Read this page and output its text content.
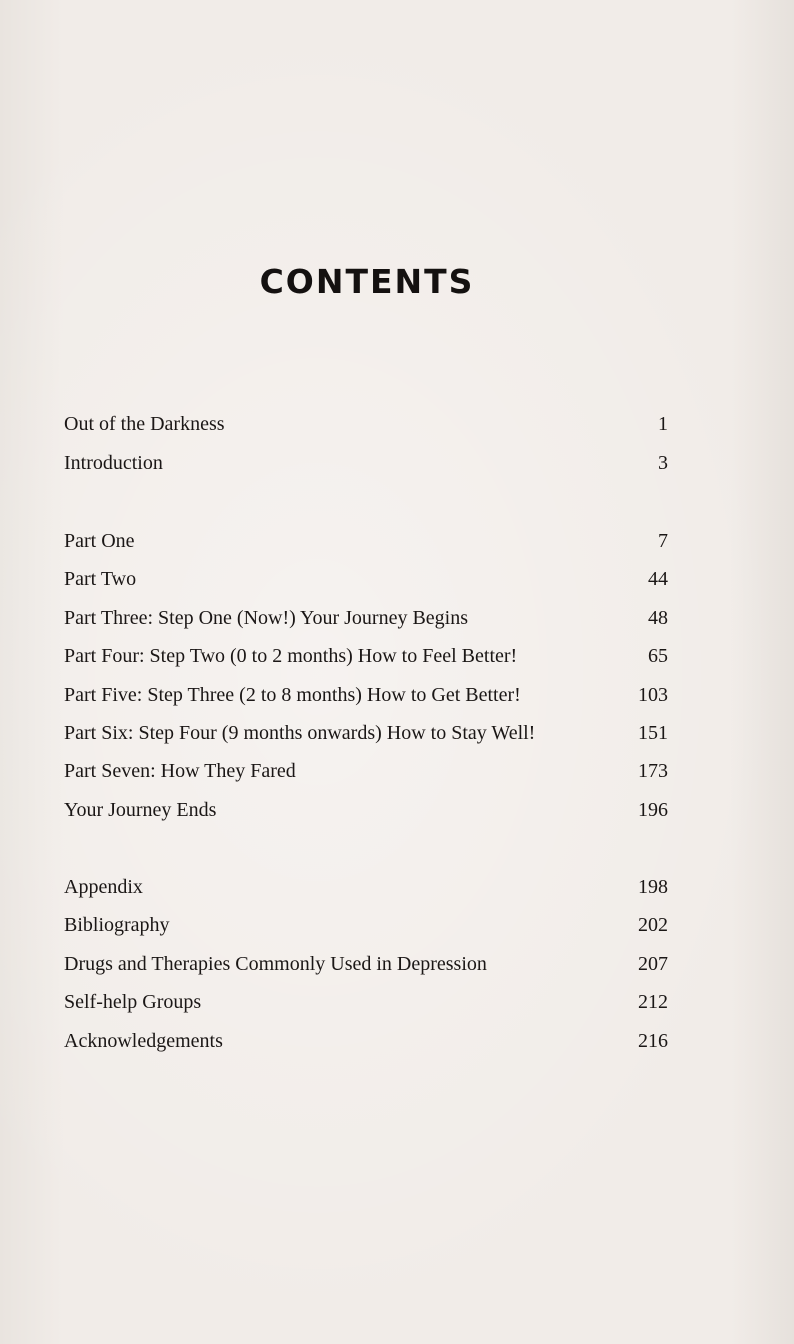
CONTENTS
Out of the Darkness	1
Introduction	3
Part One	7
Part Two	44
Part Three: Step One (Now!) Your Journey Begins	48
Part Four: Step Two (0 to 2 months) How to Feel Better!	65
Part Five: Step Three (2 to 8 months) How to Get Better!	103
Part Six: Step Four (9 months onwards) How to Stay Well!	151
Part Seven: How They Fared	173
Your Journey Ends	196
Appendix	198
Bibliography	202
Drugs and Therapies Commonly Used in Depression	207
Self-help Groups	212
Acknowledgements	216
